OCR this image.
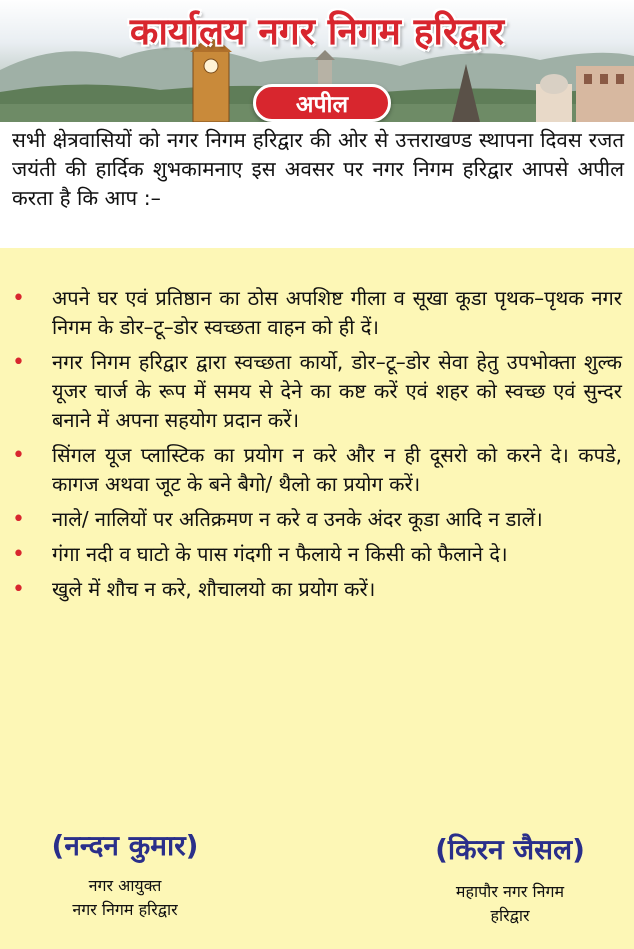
कार्यालय नगर निगम हरिद्वार
अपील
सभी क्षेत्रवासियों को नगर निगम हरिद्वार की ओर से उत्तराखण्ड स्थापना दिवस रजत जयंती की हार्दिक शुभकामनाए इस अवसर पर नगर निगम हरिद्वार आपसे अपील करता है कि आप :–
• अपने घर एवं प्रतिष्ठान का ठोस अपशिष्ट गीला व सूखा कूडा पृथक–पृथक नगर निगम के डोर–टू–डोर स्वच्छता वाहन को ही दें।
• नगर निगम हरिद्वार द्वारा स्वच्छता कार्यो, डोर–टू–डोर सेवा हेतु उपभोक्ता शुल्क यूजर चार्ज के रूप में समय से देने का कष्ट करें एवं शहर को स्वच्छ एवं सुन्दर बनाने में अपना सहयोग प्रदान करें।
• सिंगल यूज प्लास्टिक का प्रयोग न करे और न ही दूसरो को करने दे। कपडे, कागज अथवा जूट के बने बैगो/ थैलो का प्रयोग करें।
• नाले/ नालियों पर अतिक्रमण न करे व उनके अंदर कूडा आदि न डालें।
• गंगा नदी व घाटो के पास गंदगी न फैलाये न किसी को फैलाने दे।
• खुले में शौच न करे, शौचालयो का प्रयोग करें।
(नन्दन कुमार)
नगर आयुक्त
नगर निगम हरिद्वार
(किरन जैसल)
महापौर नगर निगम
हरिद्वार
